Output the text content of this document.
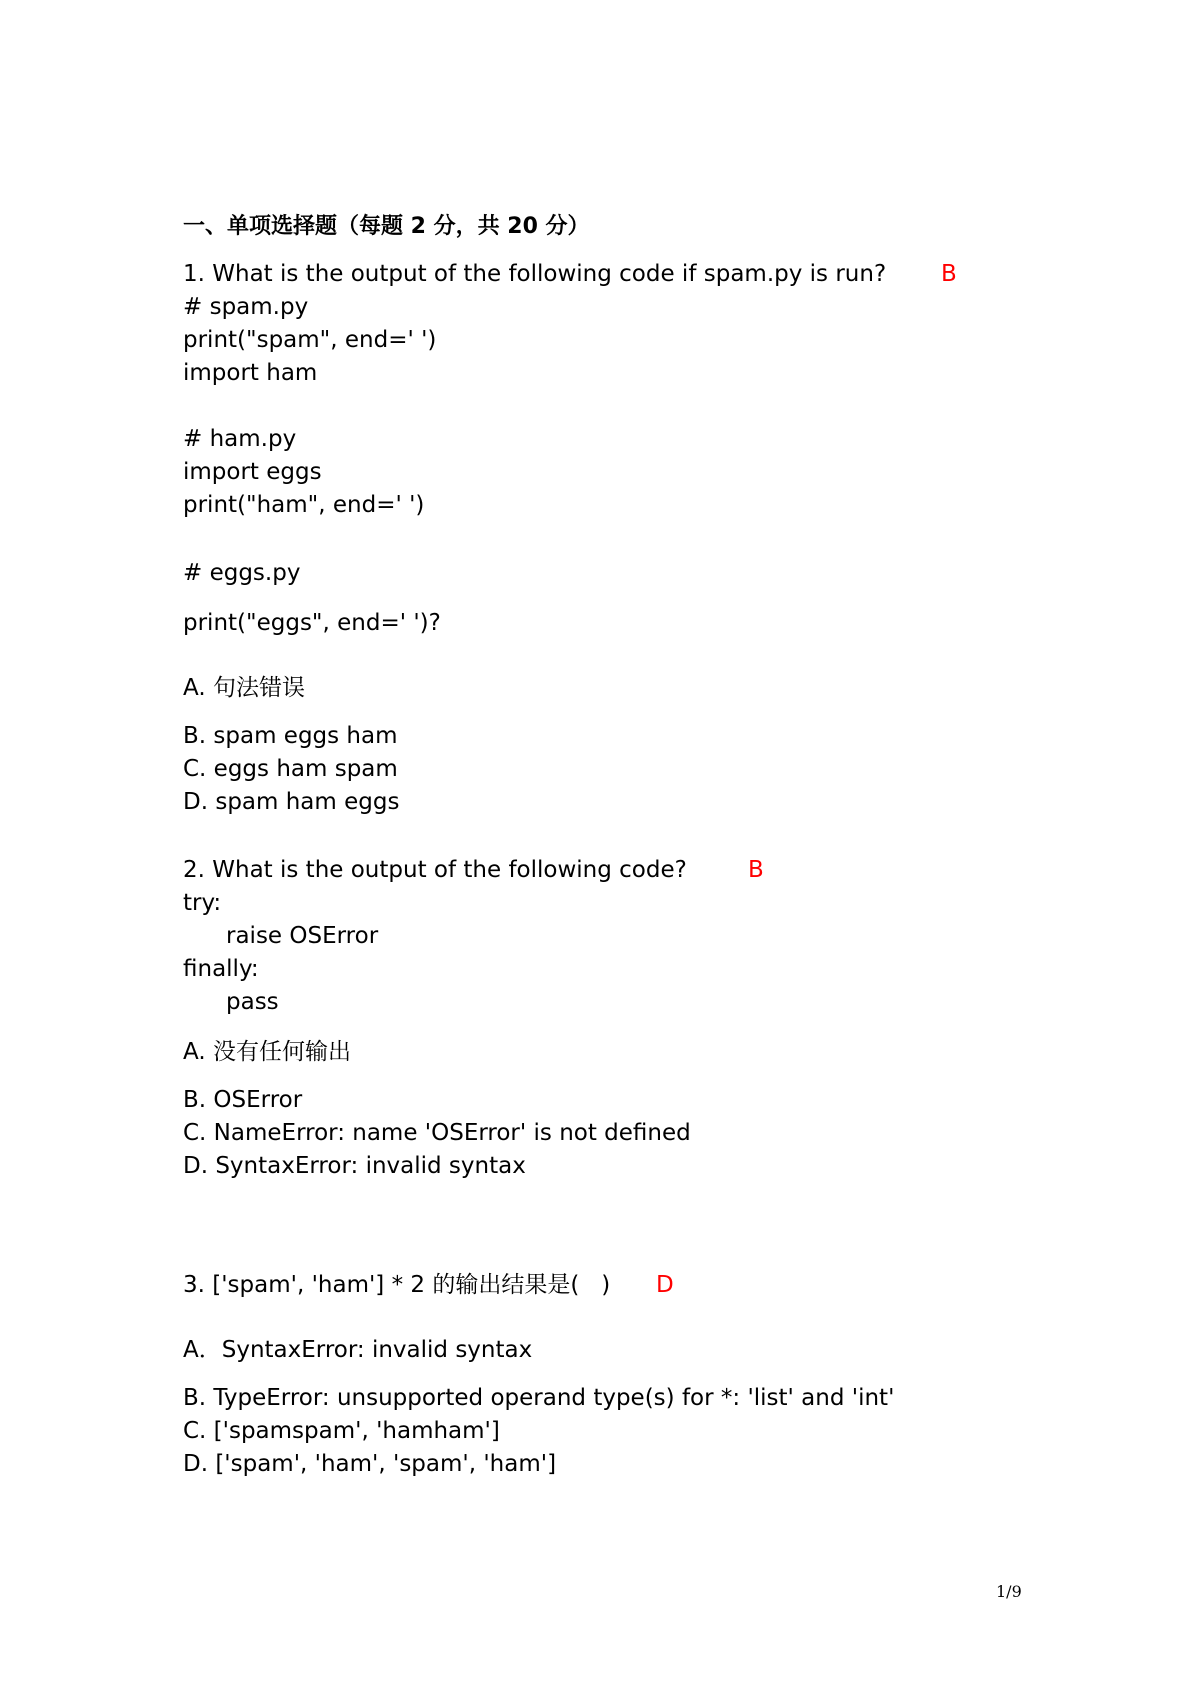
一、单项选择题（每题 2 分，共 20 分）
1. What is the output of the following code if spam.py is run? B
# spam.py
print("spam", end=' ')
import ham
# ham.py
import eggs
print("ham", end=' ')
# eggs.py
print("eggs", end=' ')?
A. 句法错误
B. spam eggs ham
C. eggs ham spam
D. spam ham eggs
2. What is the output of the following code?	B
try:
raise OSError
finally:
pass
A. 没有任何输出
B. OSError
C. NameError: name 'OSError' is not defined
D. SyntaxError: invalid syntax
3. ['spam', 'ham'] * 2 的输出结果是(   ) D
A．SyntaxError: invalid syntax
B. TypeError: unsupported operand type(s) for *: 'list' and 'int'
C. ['spamspam', 'hamham']
D. ['spam', 'ham', 'spam', 'ham']
1/9
